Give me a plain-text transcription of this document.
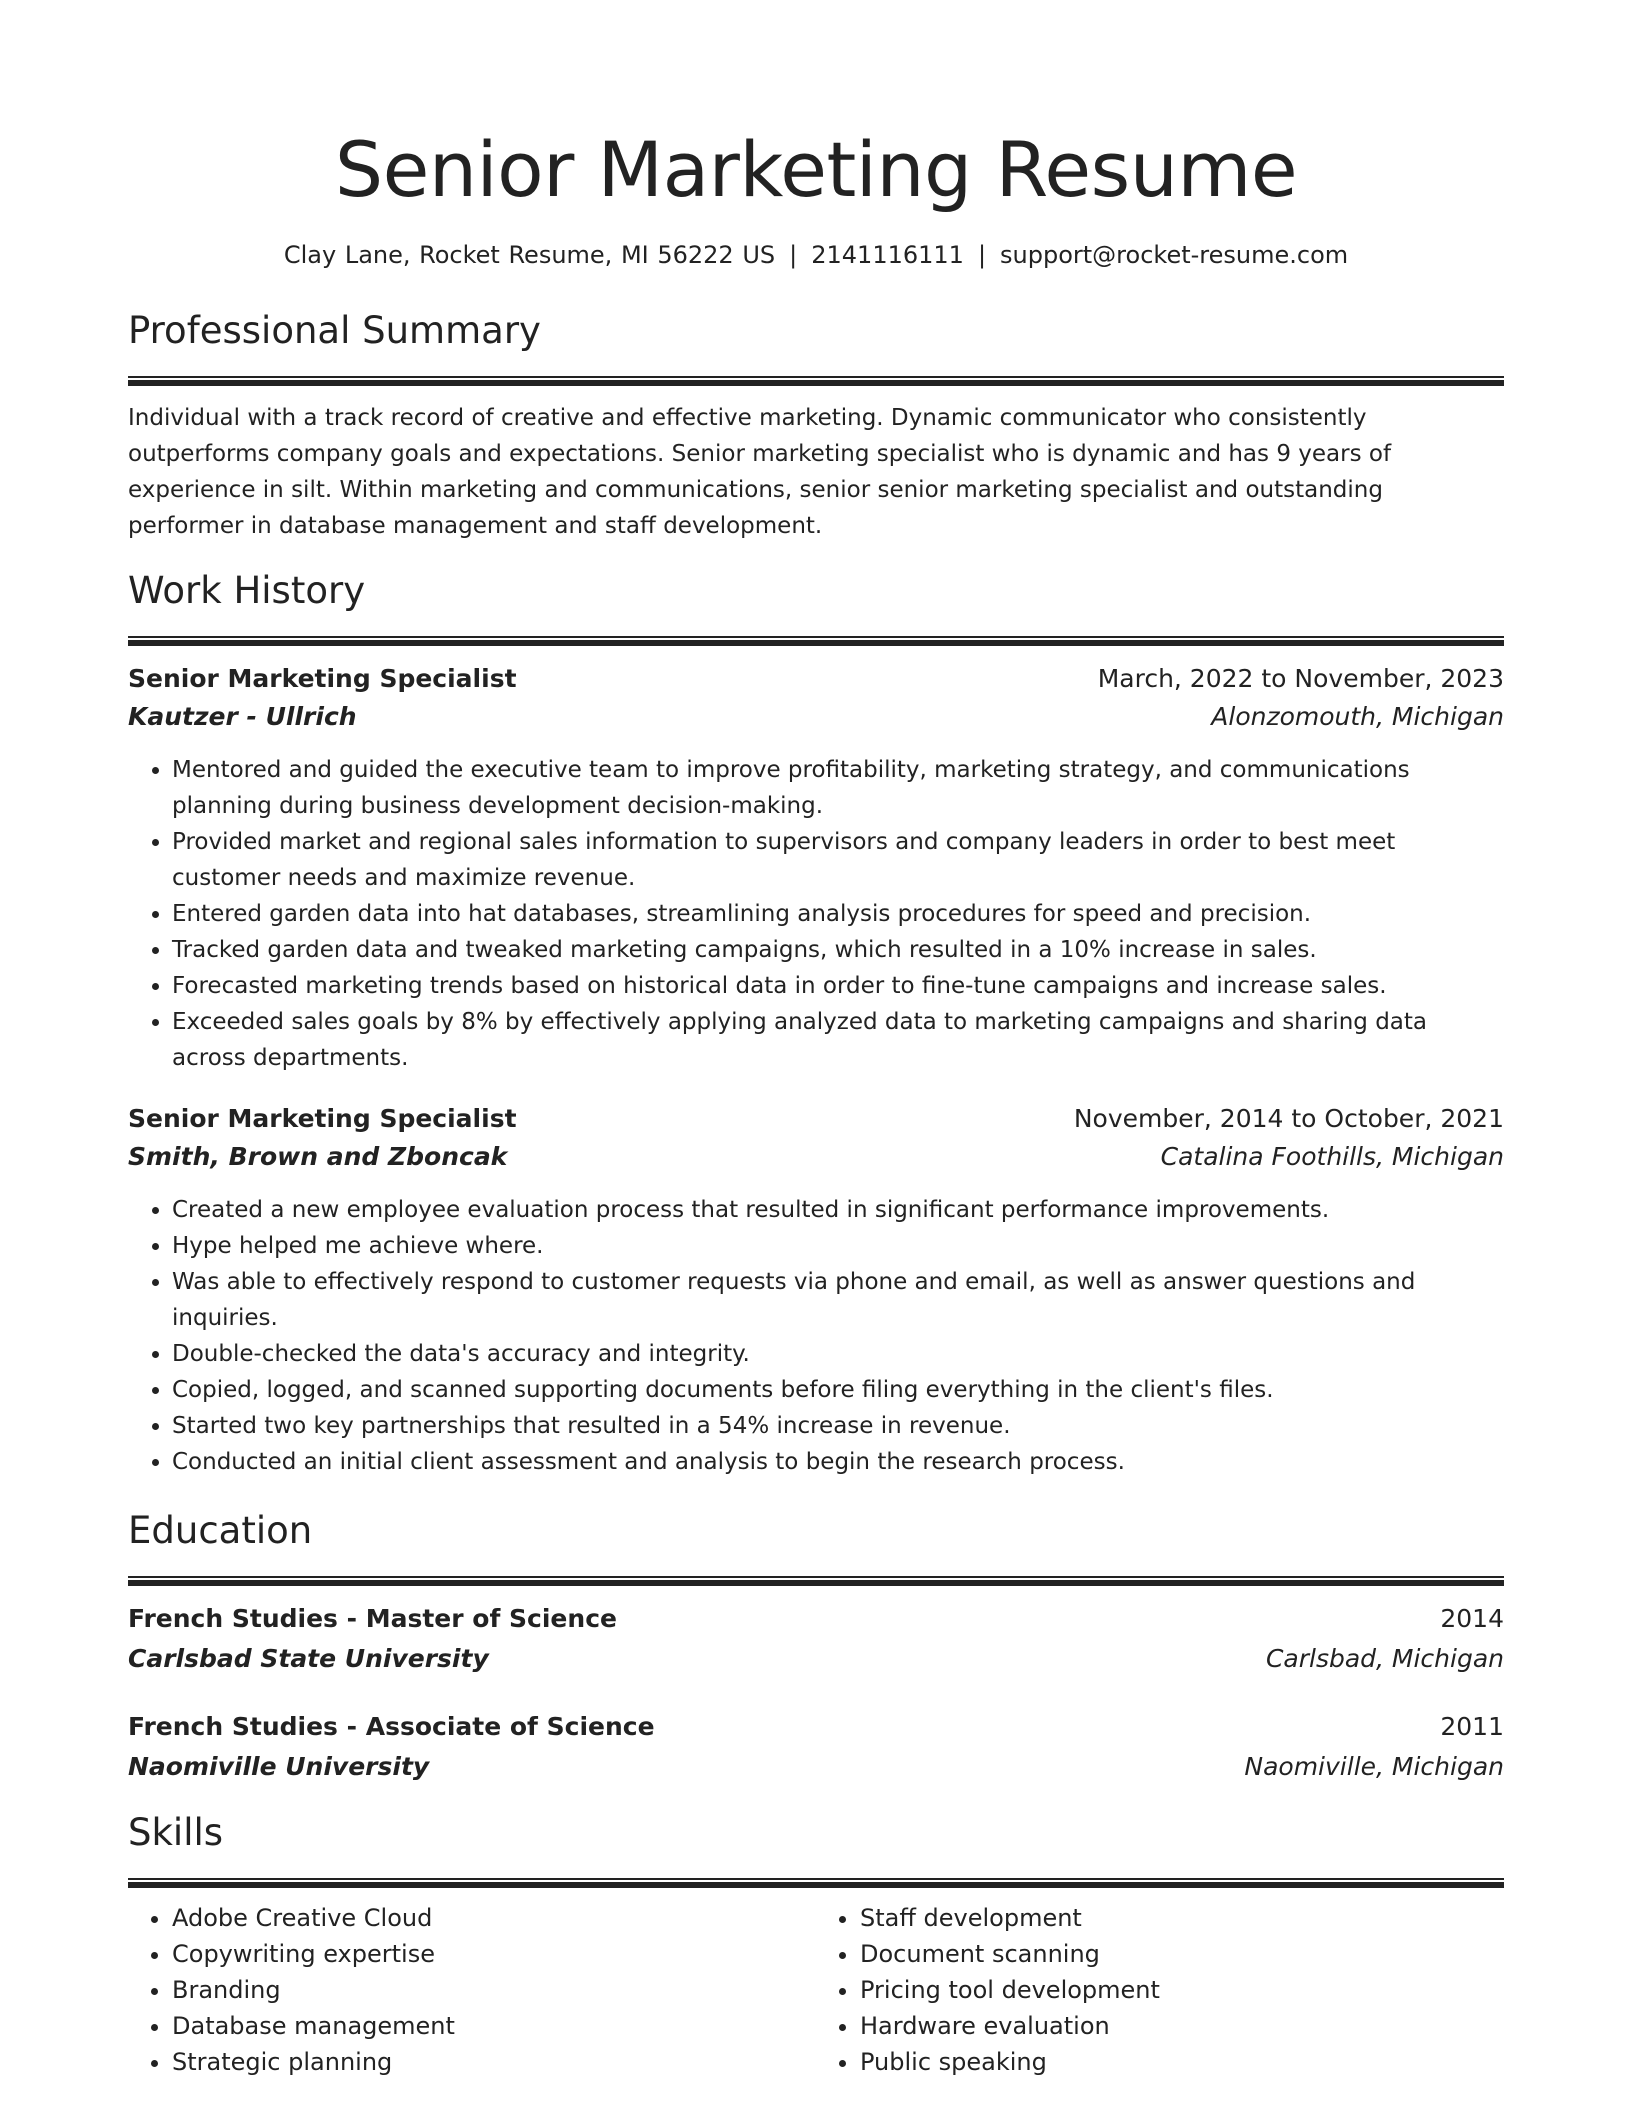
Senior Marketing Resume
Clay Lane, Rocket Resume, MI 56222 US | 2141116111 | support@rocket-resume.com
Professional Summary
Individual with a track record of creative and effective marketing. Dynamic communicator who consistently outperforms company goals and expectations. Senior marketing specialist who is dynamic and has 9 years of experience in silt. Within marketing and communications, senior senior marketing specialist and outstanding performer in database management and staff development.
Work History
Senior Marketing Specialist	March, 2022 to November, 2023
Kautzer - Ullrich	Alonzomouth, Michigan
• Mentored and guided the executive team to improve profitability, marketing strategy, and communications planning during business development decision-making.
• Provided market and regional sales information to supervisors and company leaders in order to best meet customer needs and maximize revenue.
• Entered garden data into hat databases, streamlining analysis procedures for speed and precision.
• Tracked garden data and tweaked marketing campaigns, which resulted in a 10% increase in sales.
• Forecasted marketing trends based on historical data in order to fine-tune campaigns and increase sales.
• Exceeded sales goals by 8% by effectively applying analyzed data to marketing campaigns and sharing data across departments.
Senior Marketing Specialist	November, 2014 to October, 2021
Smith, Brown and Zboncak	Catalina Foothills, Michigan
• Created a new employee evaluation process that resulted in significant performance improvements.
• Hype helped me achieve where.
• Was able to effectively respond to customer requests via phone and email, as well as answer questions and inquiries.
• Double-checked the data's accuracy and integrity.
• Copied, logged, and scanned supporting documents before filing everything in the client's files.
• Started two key partnerships that resulted in a 54% increase in revenue.
• Conducted an initial client assessment and analysis to begin the research process.
Education
French Studies - Master of Science	2014
Carlsbad State University	Carlsbad, Michigan
French Studies - Associate of Science	2011
Naomiville University	Naomiville, Michigan
Skills
• Adobe Creative Cloud
• Copywriting expertise
• Branding
• Database management
• Strategic planning
• Staff development
• Document scanning
• Pricing tool development
• Hardware evaluation
• Public speaking
